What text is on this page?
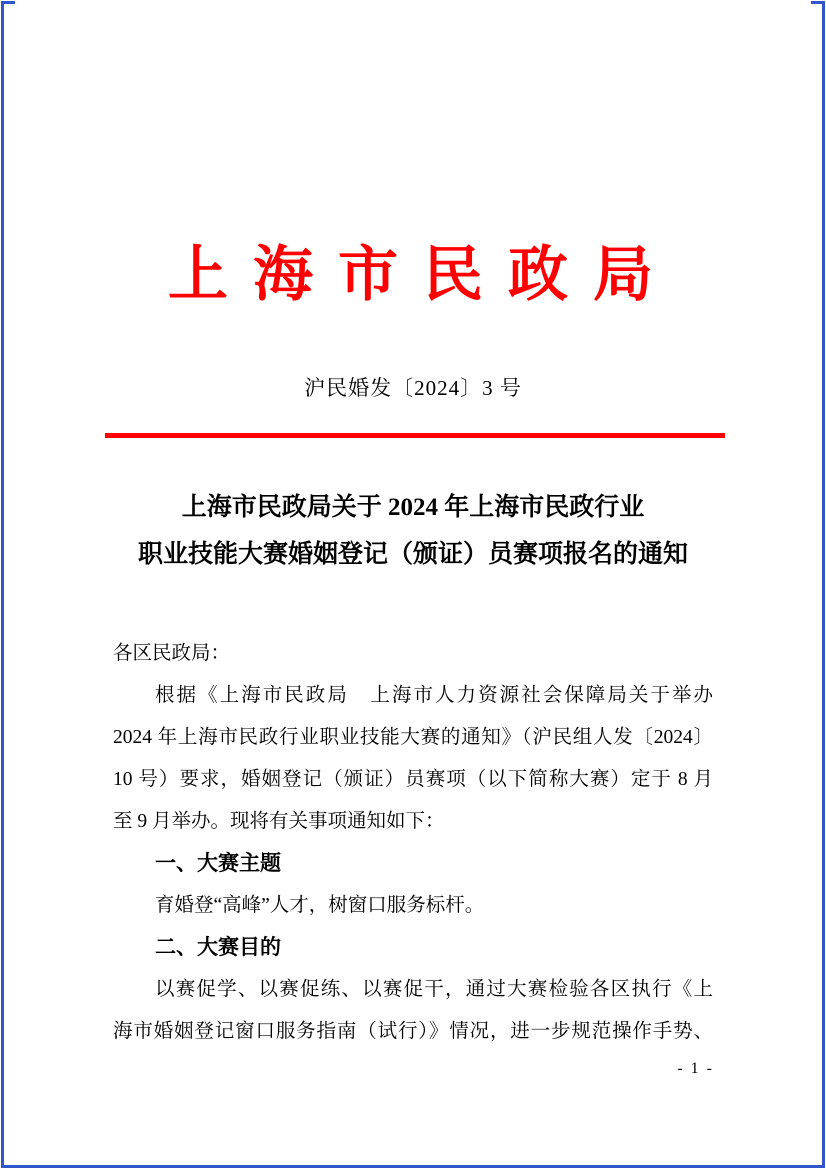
上 海 市 民 政 局
沪民婚发〔2024〕3 号
上海市民政局关于 2024 年上海市民政行业
职业技能大赛婚姻登记（颁证）员赛项报名的通知
各区民政局：
根据《上海市民政局　上海市人力资源社会保障局关于举办
2024 年上海市民政行业职业技能大赛的通知》（沪民组人发〔2024〕
10 号）要求，婚姻登记（颁证）员赛项（以下简称大赛）定于 8 月
至 9 月举办。现将有关事项通知如下：
一、大赛主题
育婚登“高峰”人才，树窗口服务标杆。
二、大赛目的
以赛促学、以赛促练、以赛促干，通过大赛检验各区执行《上
海市婚姻登记窗口服务指南（试行）》情况，进一步规范操作手势、
- 1 -
